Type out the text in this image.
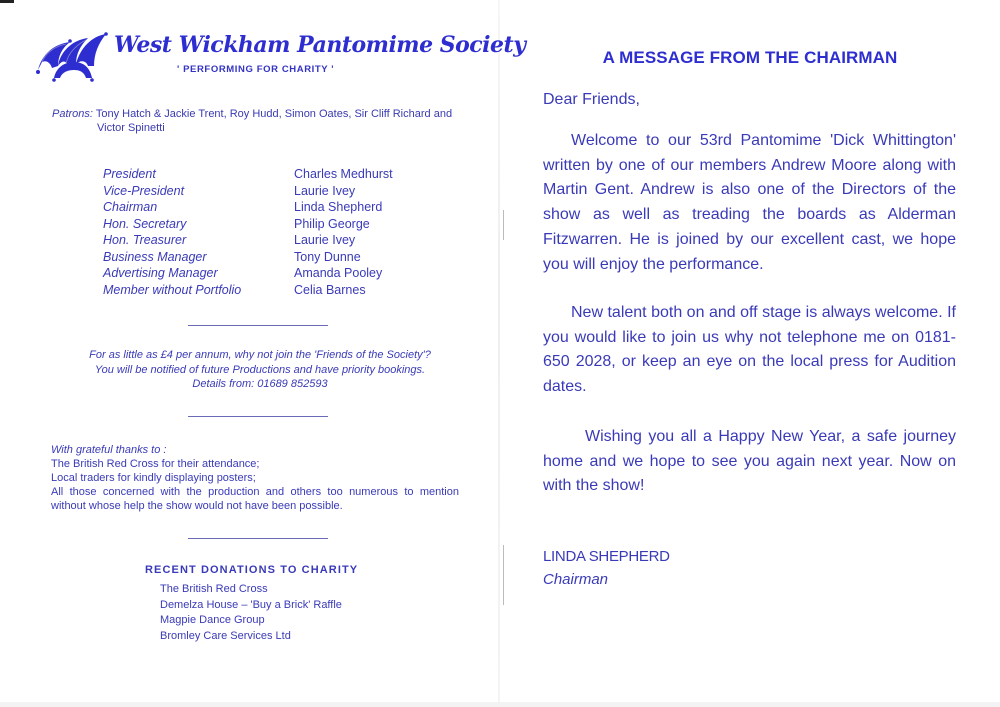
West Wickham Pantomime Society
' PERFORMING FOR CHARITY '
Patrons: Tony Hatch & Jackie Trent, Roy Hudd, Simon Oates, Sir Cliff Richard and
Victor Spinetti
President	Charles Medhurst
Vice-President	Laurie Ivey
Chairman	Linda Shepherd
Hon. Secretary	Philip George
Hon. Treasurer	Laurie Ivey
Business Manager	Tony Dunne
Advertising Manager	Amanda Pooley
Member without Portfolio	Celia Barnes
For as little as £4 per annum, why not join the 'Friends of the Society'?
You will be notified of future Productions and have priority bookings.
Details from: 01689 852593
With grateful thanks to :
The British Red Cross for their attendance;
Local traders for kindly displaying posters;
All those concerned with the production and others too numerous to mention without whose help the show would not have been possible.
RECENT DONATIONS TO CHARITY
The British Red Cross
Demelza House – 'Buy a Brick' Raffle
Magpie Dance Group
Bromley Care Services Ltd
A MESSAGE FROM THE CHAIRMAN
Dear Friends,
Welcome to our 53rd Pantomime 'Dick Whittington' written by one of our members Andrew Moore along with Martin Gent. Andrew is also one of the Directors of the show as well as treading the boards as Alderman Fitzwarren. He is joined by our excellent cast, we hope you will enjoy the performance.
New talent both on and off stage is always welcome. If you would like to join us why not telephone me on 0181-650 2028, or keep an eye on the local press for Audition dates.
Wishing you all a Happy New Year, a safe journey home and we hope to see you again next year. Now on with the show!
LINDA SHEPHERD
Chairman
